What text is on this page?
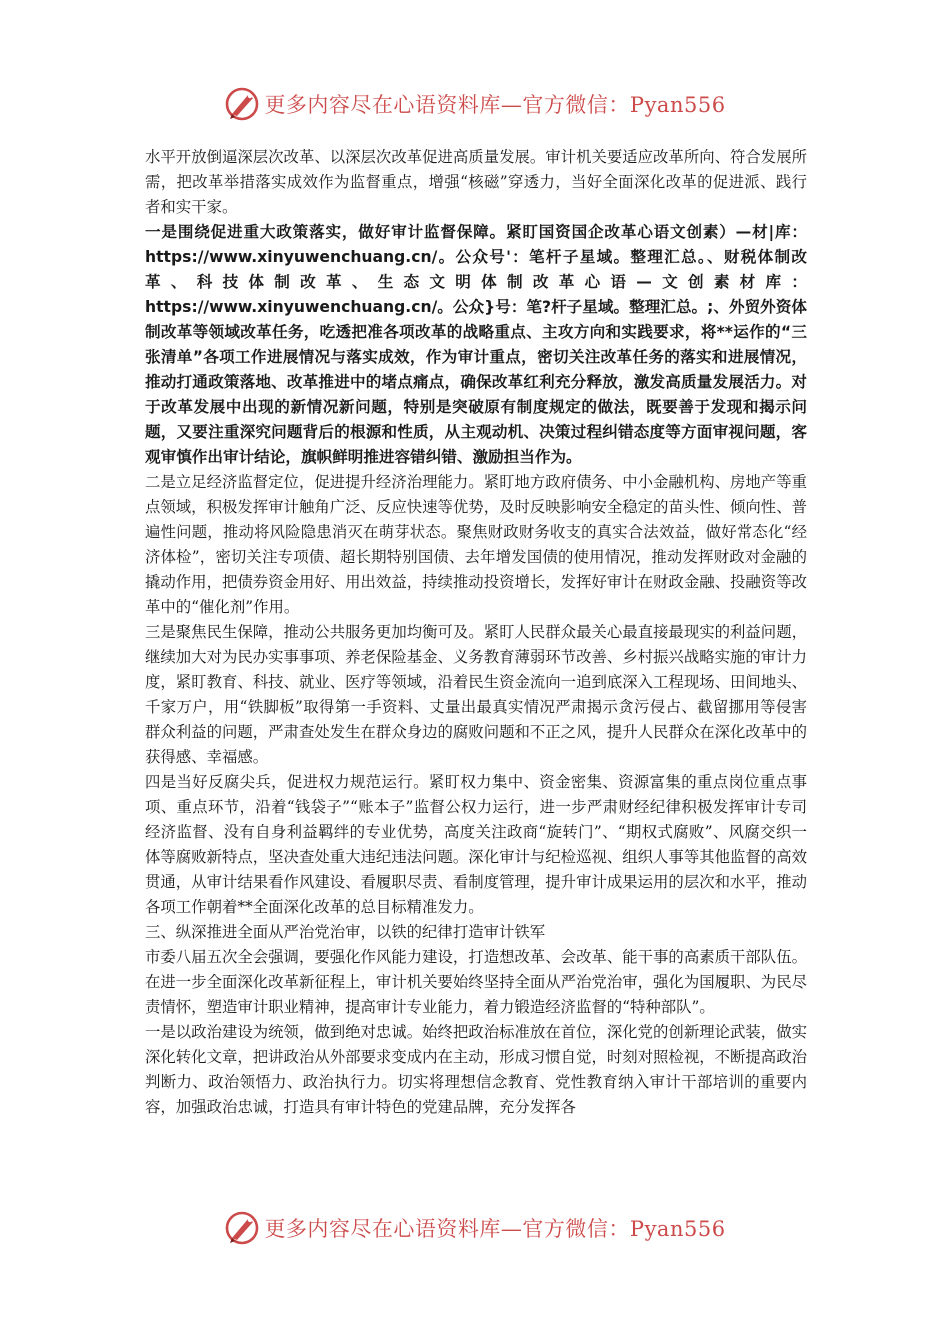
更多内容尽在心语资料库—官方微信：Pyan556

水平开放倒逼深层次改革、以深层次改革促进高质量发展。审计机关要适应改革所向、符合发展所需，把改革举措落实成效作为监督重点，增强“核磁”穿透力，当好全面深化改革的促进派、践行者和实干家。

一是围绕促进重大政策落实，做好审计监督保障。紧盯国资国企改革心语文创素）—材|库：https://www.xinyuwenchuang.cn/。公众号'：笔杆子星域。整理汇总。、财税体制改革、科技体制改革、生态文明体制改革心语—文创素材库：https://www.xinyuwenchuang.cn/。公众}号：笔?杆子星域。整理汇总。;、外贸外资体制改革等领域改革任务，吃透把准各项改革的战略重点、主攻方向和实践要求，将**运作的“三张清单”各项工作进展情况与落实成效，作为审计重点，密切关注改革任务的落实和进展情况，推动打通政策落地、改革推进中的堵点痛点，确保改革红利充分释放，激发高质量发展活力。对于改革发展中出现的新情况新问题，特别是突破原有制度规定的做法，既要善于发现和揭示问题，又要注重深究问题背后的根源和性质，从主观动机、决策过程纠错态度等方面审视问题，客观审慎作出审计结论，旗帜鲜明推进容错纠错、激励担当作为。

二是立足经济监督定位，促进提升经济治理能力。紧盯地方政府债务、中小金融机构、房地产等重点领域，积极发挥审计触角广泛、反应快速等优势，及时反映影响安全稳定的苗头性、倾向性、普遍性问题，推动将风险隐患消灭在萌芽状态。聚焦财政财务收支的真实合法效益，做好常态化“经济体检”，密切关注专项债、超长期特别国债、去年增发国债的使用情况，推动发挥财政对金融的撬动作用，把债券资金用好、用出效益，持续推动投资增长，发挥好审计在财政金融、投融资等改革中的“催化剂”作用。

三是聚焦民生保障，推动公共服务更加均衡可及。紧盯人民群众最关心最直接最现实的利益问题，继续加大对为民办实事事项、养老保险基金、义务教育薄弱环节改善、乡村振兴战略实施的审计力度，紧盯教育、科技、就业、医疗等领域，沿着民生资金流向一追到底深入工程现场、田间地头、千家万户，用“铁脚板”取得第一手资料、丈量出最真实情况严肃揭示贪污侵占、截留挪用等侵害群众利益的问题，严肃查处发生在群众身边的腐败问题和不正之风，提升人民群众在深化改革中的获得感、幸福感。

四是当好反腐尖兵，促进权力规范运行。紧盯权力集中、资金密集、资源富集的重点岗位重点事项、重点环节，沿着“钱袋子”“账本子”监督公权力运行，进一步严肃财经纪律积极发挥审计专司经济监督、没有自身利益羁绊的专业优势，高度关注政商“旋转门”、“期权式腐败”、风腐交织一体等腐败新特点，坚决查处重大违纪违法问题。深化审计与纪检巡视、组织人事等其他监督的高效贯通，从审计结果看作风建设、看履职尽责、看制度管理，提升审计成果运用的层次和水平，推动各项工作朝着**全面深化改革的总目标精准发力。

三、纵深推进全面从严治党治审，以铁的纪律打造审计铁军

市委八届五次全会强调，要强化作风能力建设，打造想改革、会改革、能干事的高素质干部队伍。在进一步全面深化改革新征程上，审计机关要始终坚持全面从严治党治审，强化为国履职、为民尽责情怀，塑造审计职业精神，提高审计专业能力，着力锻造经济监督的“特种部队”。

一是以政治建设为统领，做到绝对忠诚。始终把政治标准放在首位，深化党的创新理论武装，做实深化转化文章，把讲政治从外部要求变成内在主动，形成习惯自觉，时刻对照检视，不断提高政治判断力、政治领悟力、政治执行力。切实将理想信念教育、党性教育纳入审计干部培训的重要内容，加强政治忠诚，打造具有审计特色的党建品牌，充分发挥各

更多内容尽在心语资料库—官方微信：Pyan556
